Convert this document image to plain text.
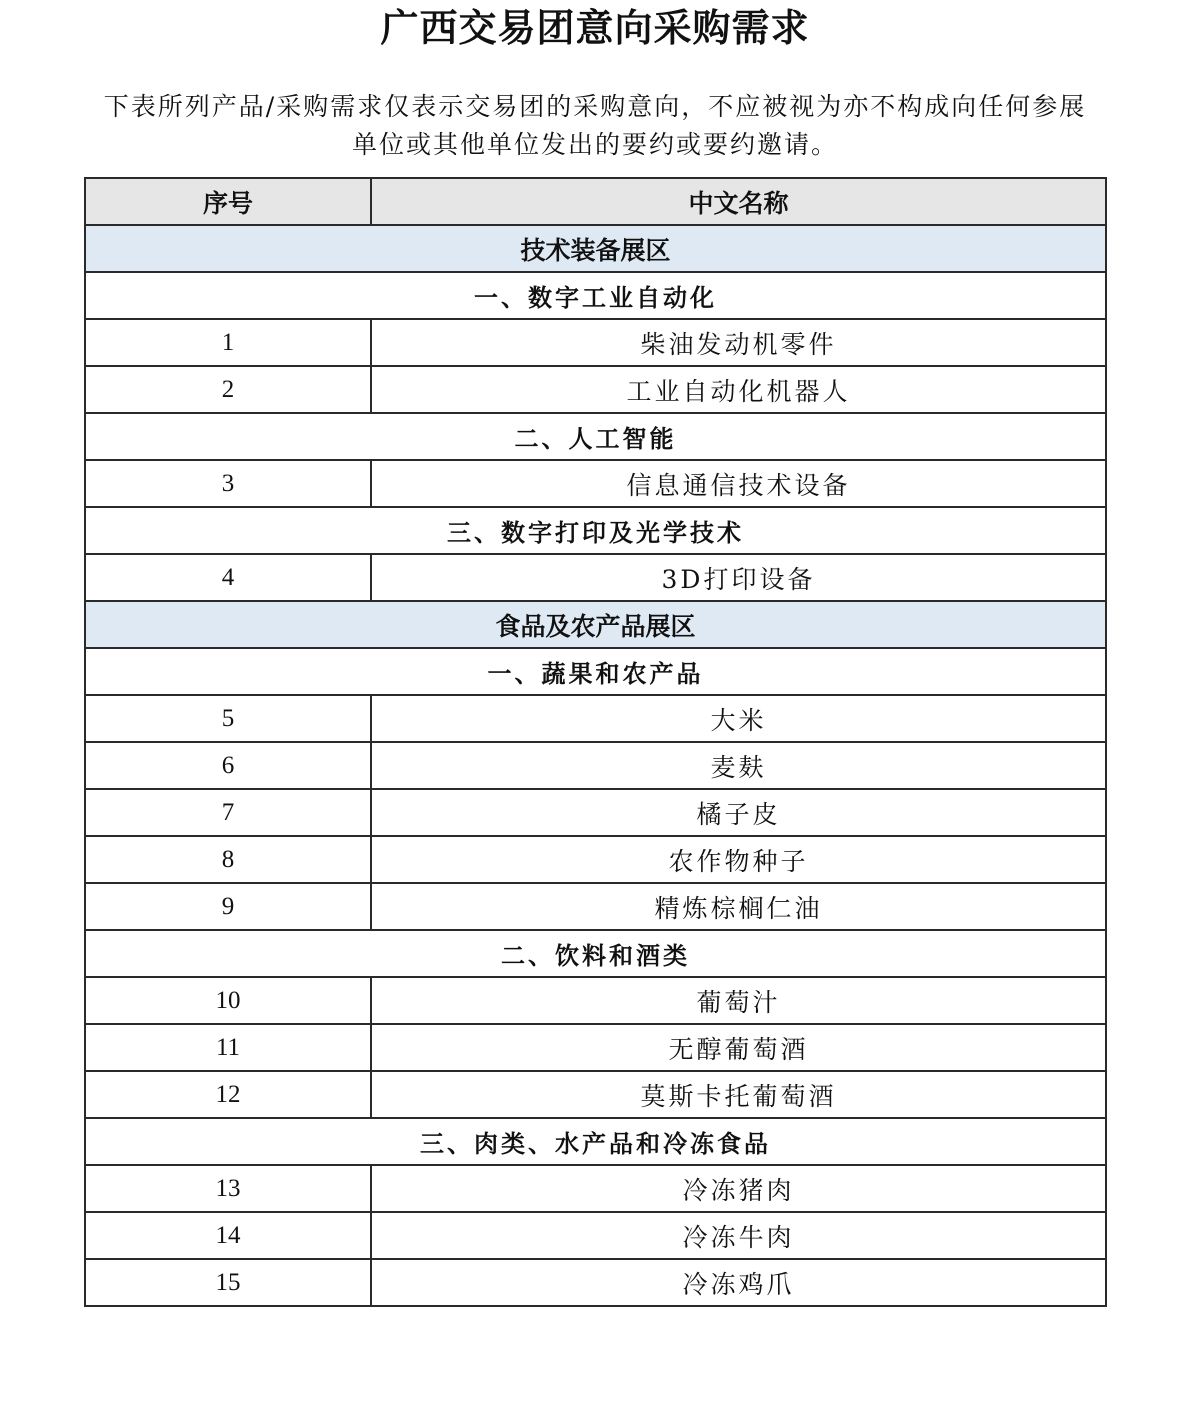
广西交易团意向采购需求
下表所列产品/采购需求仅表示交易团的采购意向，不应被视为亦不构成向任何参展
单位或其他单位发出的要约或要约邀请。
序号	中文名称
技术装备展区	
一、数字工业自动化	
1	柴油发动机零件
2	工业自动化机器人
二、人工智能	
3	信息通信技术设备
三、数字打印及光学技术	
4	3D打印设备
食品及农产品展区	
一、蔬果和农产品	
5	大米
6	麦麸
7	橘子皮
8	农作物种子
9	精炼棕榈仁油
二、饮料和酒类	
10	葡萄汁
11	无醇葡萄酒
12	莫斯卡托葡萄酒
三、肉类、水产品和冷冻食品	
13	冷冻猪肉
14	冷冻牛肉
15	冷冻鸡爪
